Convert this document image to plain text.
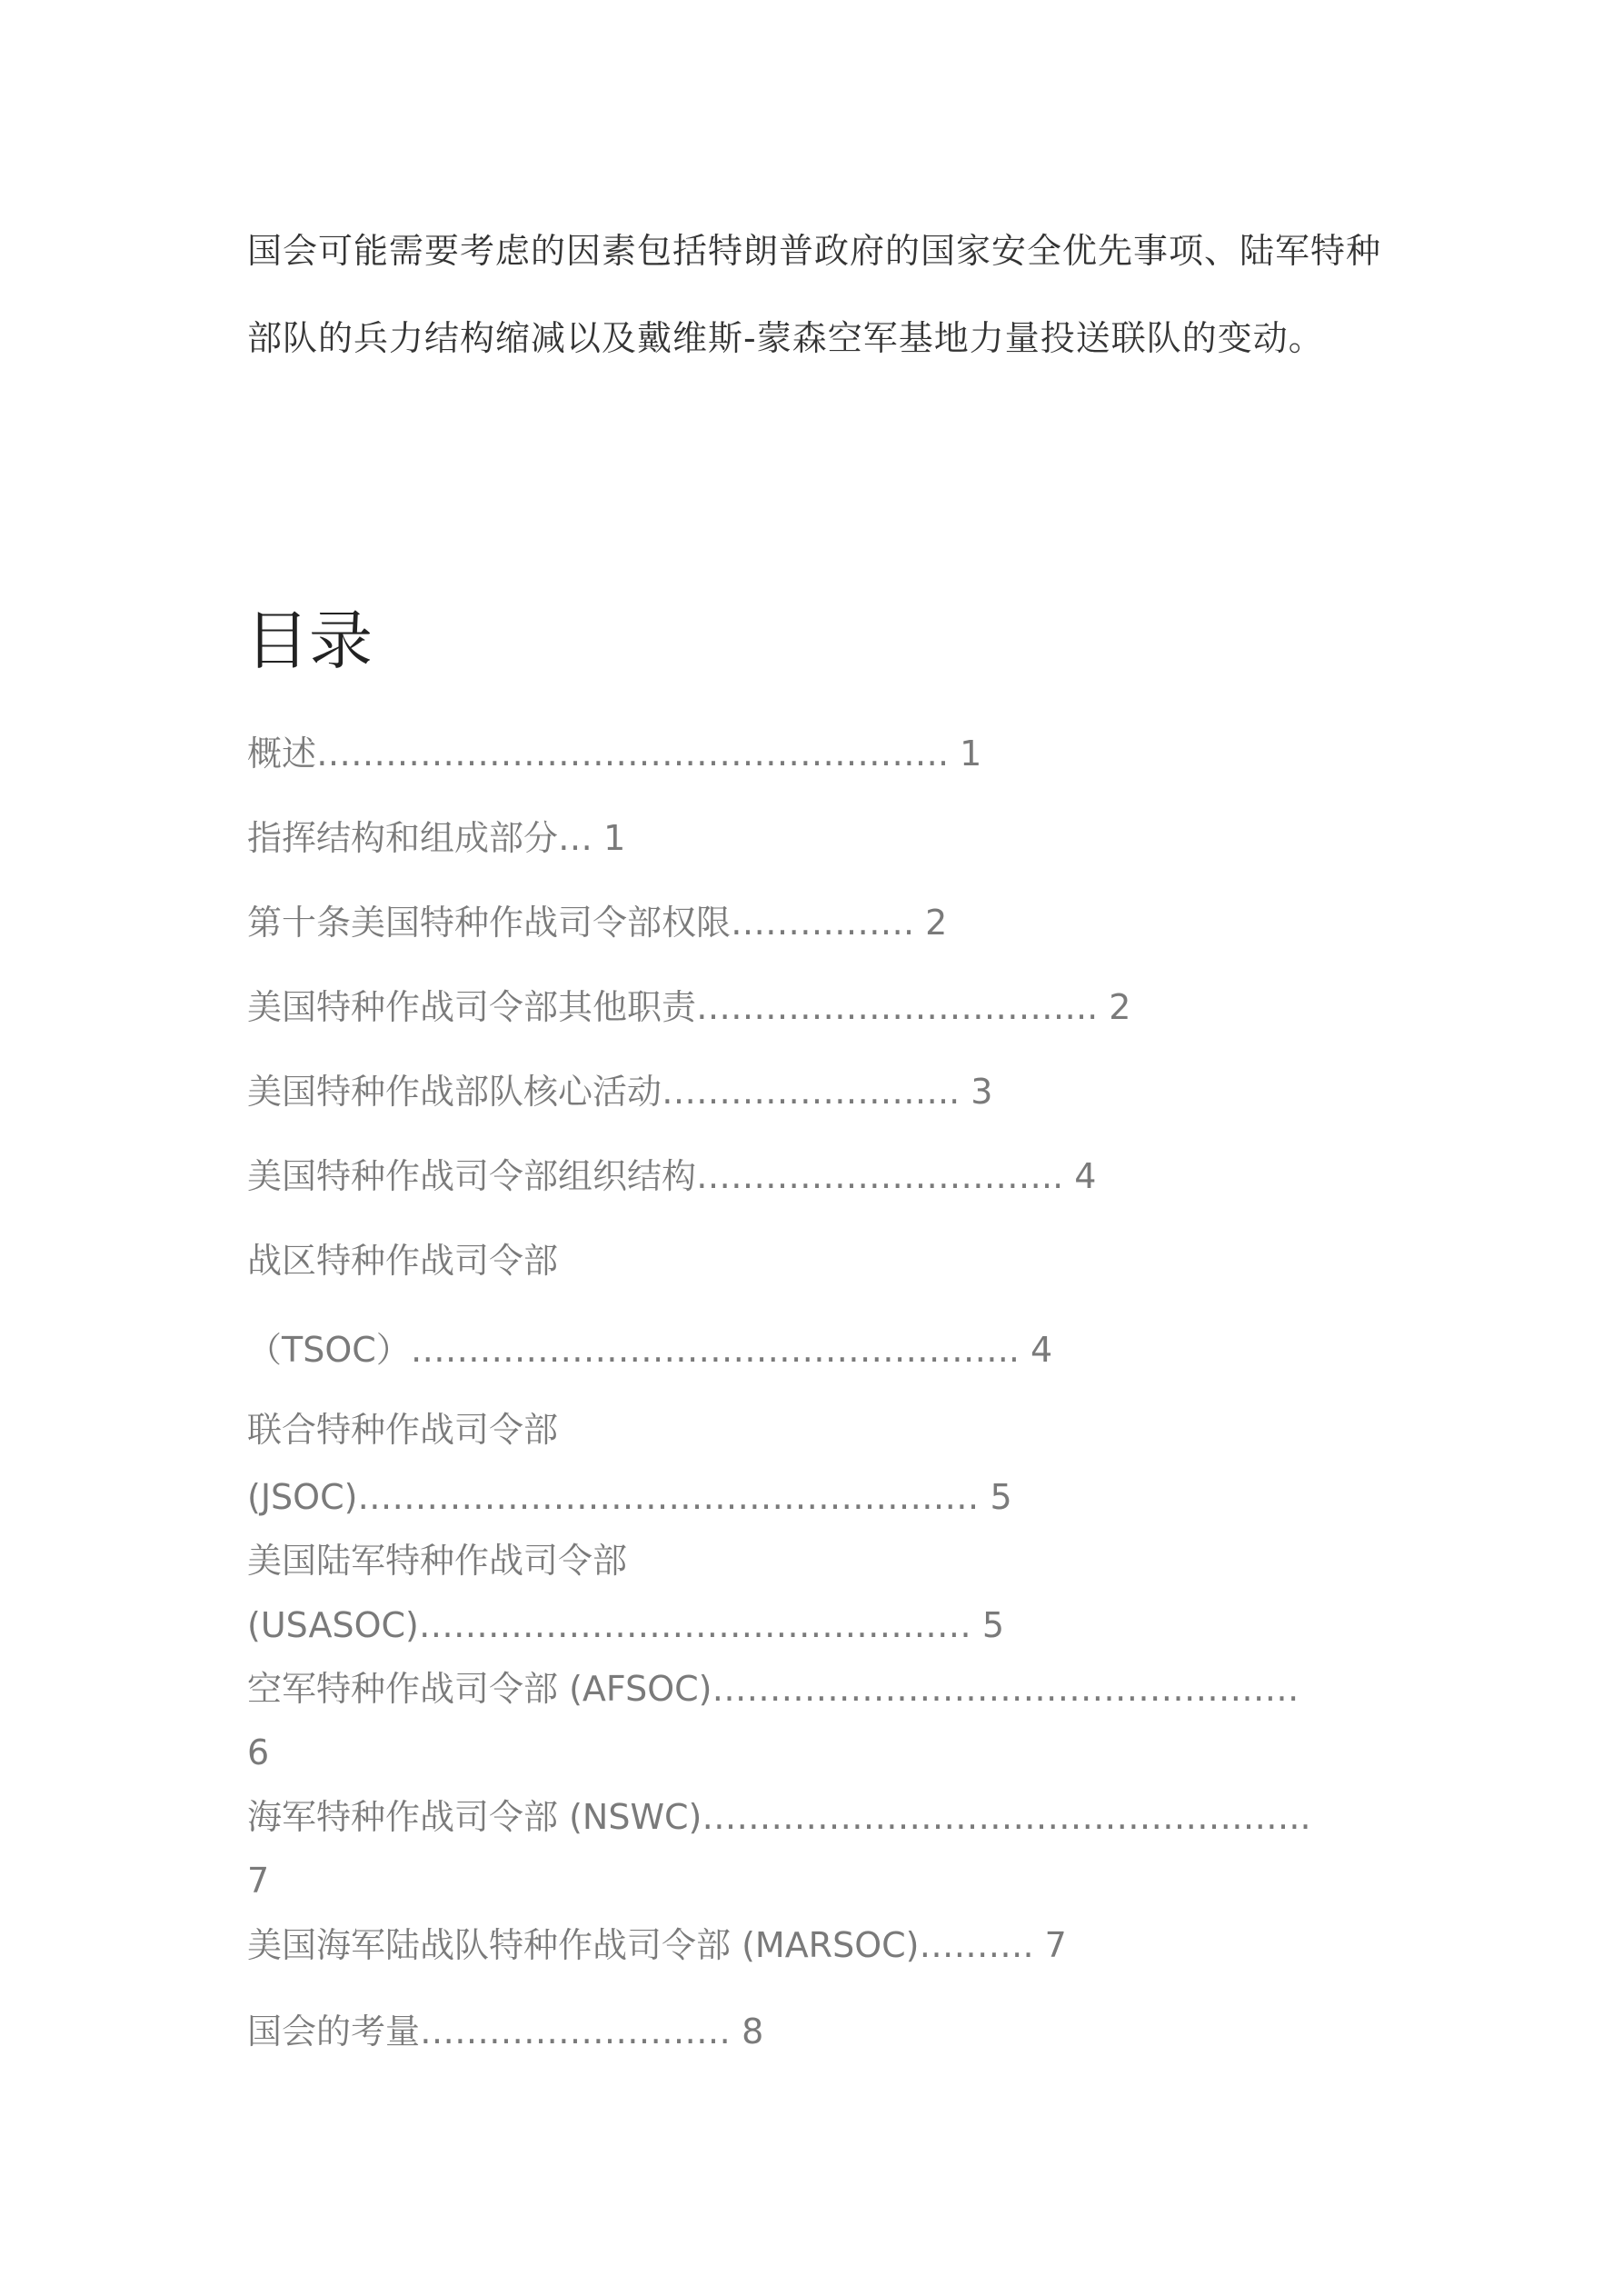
国会可能需要考虑的因素包括特朗普政府的国家安全优先事项、陆军特种部队的兵力结构缩减以及戴维斯-蒙森空军基地力量投送联队的变动。

目录

概述………………………………………………. 1

指挥结构和组成部分… 1

第十条美国特种作战司令部权限……………. 2

美国特种作战司令部其他职责…………………………….. 2

美国特种作战部队核心活动…………………….. 3

美国特种作战司令部组织结构………………………….. 4

战区特种作战司令部

（TSOC）…………………………………………….. 4

联合特种作战司令部

(JSOC)……………………………………………… 5

美国陆军特种作战司令部

(USASOC)………………………………………… 5

空军特种作战司令部 (AFSOC)……………………………………………

6

海军特种作战司令部 (NSWC)……………………………………………..

7

美国海军陆战队特种作战司令部 (MARSOC)………. 7

国会的考量……………………… 8
